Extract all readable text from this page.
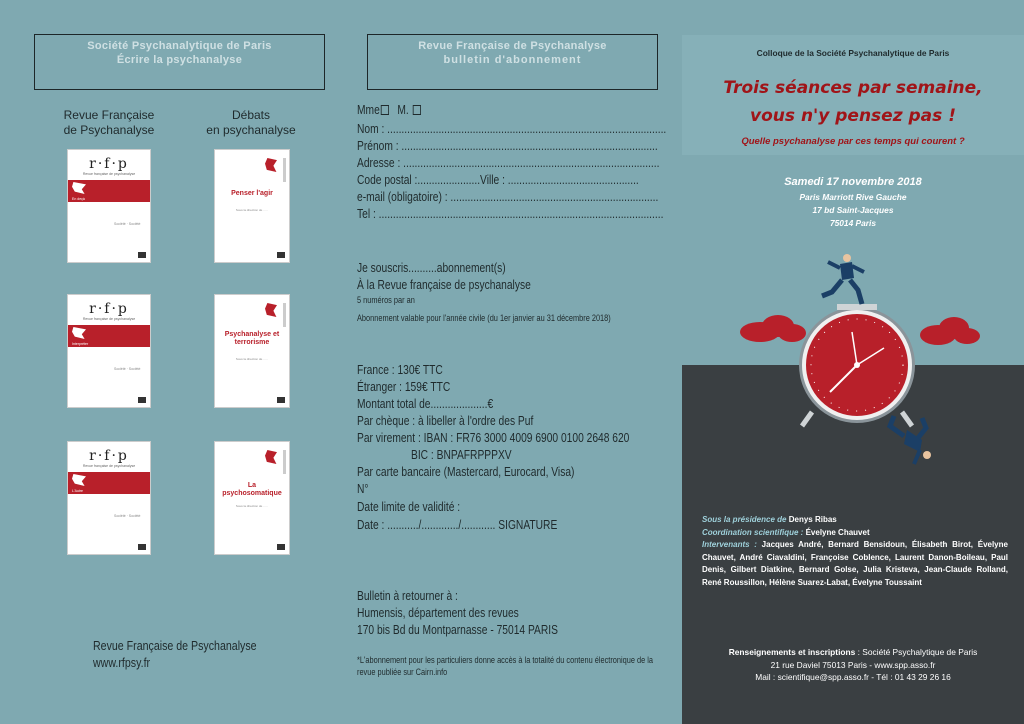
Société Psychanalytique de Paris
Écrire la psychanalyse
Revue Française
de Psychanalyse
Débats
en psychanalyse
r·f·p
Revue française de psychanalyse
En deçà
Société · Société
r·f·p
Revue française de psychanalyse
Interpréter
Société · Société
r·f·p
Revue française de psychanalyse
L'Autre
Société · Société
Penser l'agir
Sous la direction de ·····
Psychanalyse et terrorisme
Sous la direction de ·····
La psychosomatique
Sous la direction de ·····
Revue Française de Psychanalyse
www.rfpsy.fr
Revue Française de Psychanalyse
bulletin d'abonnement
Mme M.
Nom : ..................................................................................................
Prénom : ..........................................................................................
Adresse : ..........................................................................................
Code postal :......................Ville : ..............................................
e-mail (obligatoire) : .........................................................................
Tel : ....................................................................................................
Je souscris..........abonnement(s)
À la Revue française de psychanalyse
5 numéros par an
Abonnement valable pour l'année civile (du 1er janvier au 31 décembre 2018)
France : 130€ TTC
Étranger : 159€ TTC
Montant total de....................€
Par chèque : à libeller à l'ordre des Puf
Par virement : IBAN : FR76 3000 4009 6900 0100 2648 620
BIC : BNPAFRPPPXV
Par carte bancaire (Mastercard, Eurocard, Visa)
N°
Date limite de validité :
Date : .........../............./............ SIGNATURE
Bulletin à retourner à :
Humensis, département des revues
170 bis Bd du Montparnasse - 75014 PARIS
*L'abonnement pour les particuliers donne accès à la totalité du contenu électronique de la revue publiée sur Cairn.info
Colloque de la Société Psychanalytique de Paris
Trois séances par semaine,
vous n'y pensez pas !
Quelle psychanalyse par ces temps qui courent ?
Samedi 17 novembre 2018
Paris Marriott Rive Gauche
17 bd Saint-Jacques
75014 Paris
Sous la présidence de Denys Ribas
Coordination scientifique : Évelyne Chauvet
Intervenants : Jacques André, Bernard Bensidoun, Élisabeth Birot, Évelyne Chauvet, André Ciavaldini, Françoise Coblence, Laurent Danon-Boileau, Paul Denis, Gilbert Diatkine, Bernard Golse, Julia Kristeva, Jean-Claude Rolland, René Roussillon, Hélène Suarez-Labat, Évelyne Toussaint
Renseignements et inscriptions : Société Psychalytique de Paris
21 rue Daviel 75013 Paris - www.spp.asso.fr
Mail : scientifique@spp.asso.fr - Tél : 01 43 29 26 16
